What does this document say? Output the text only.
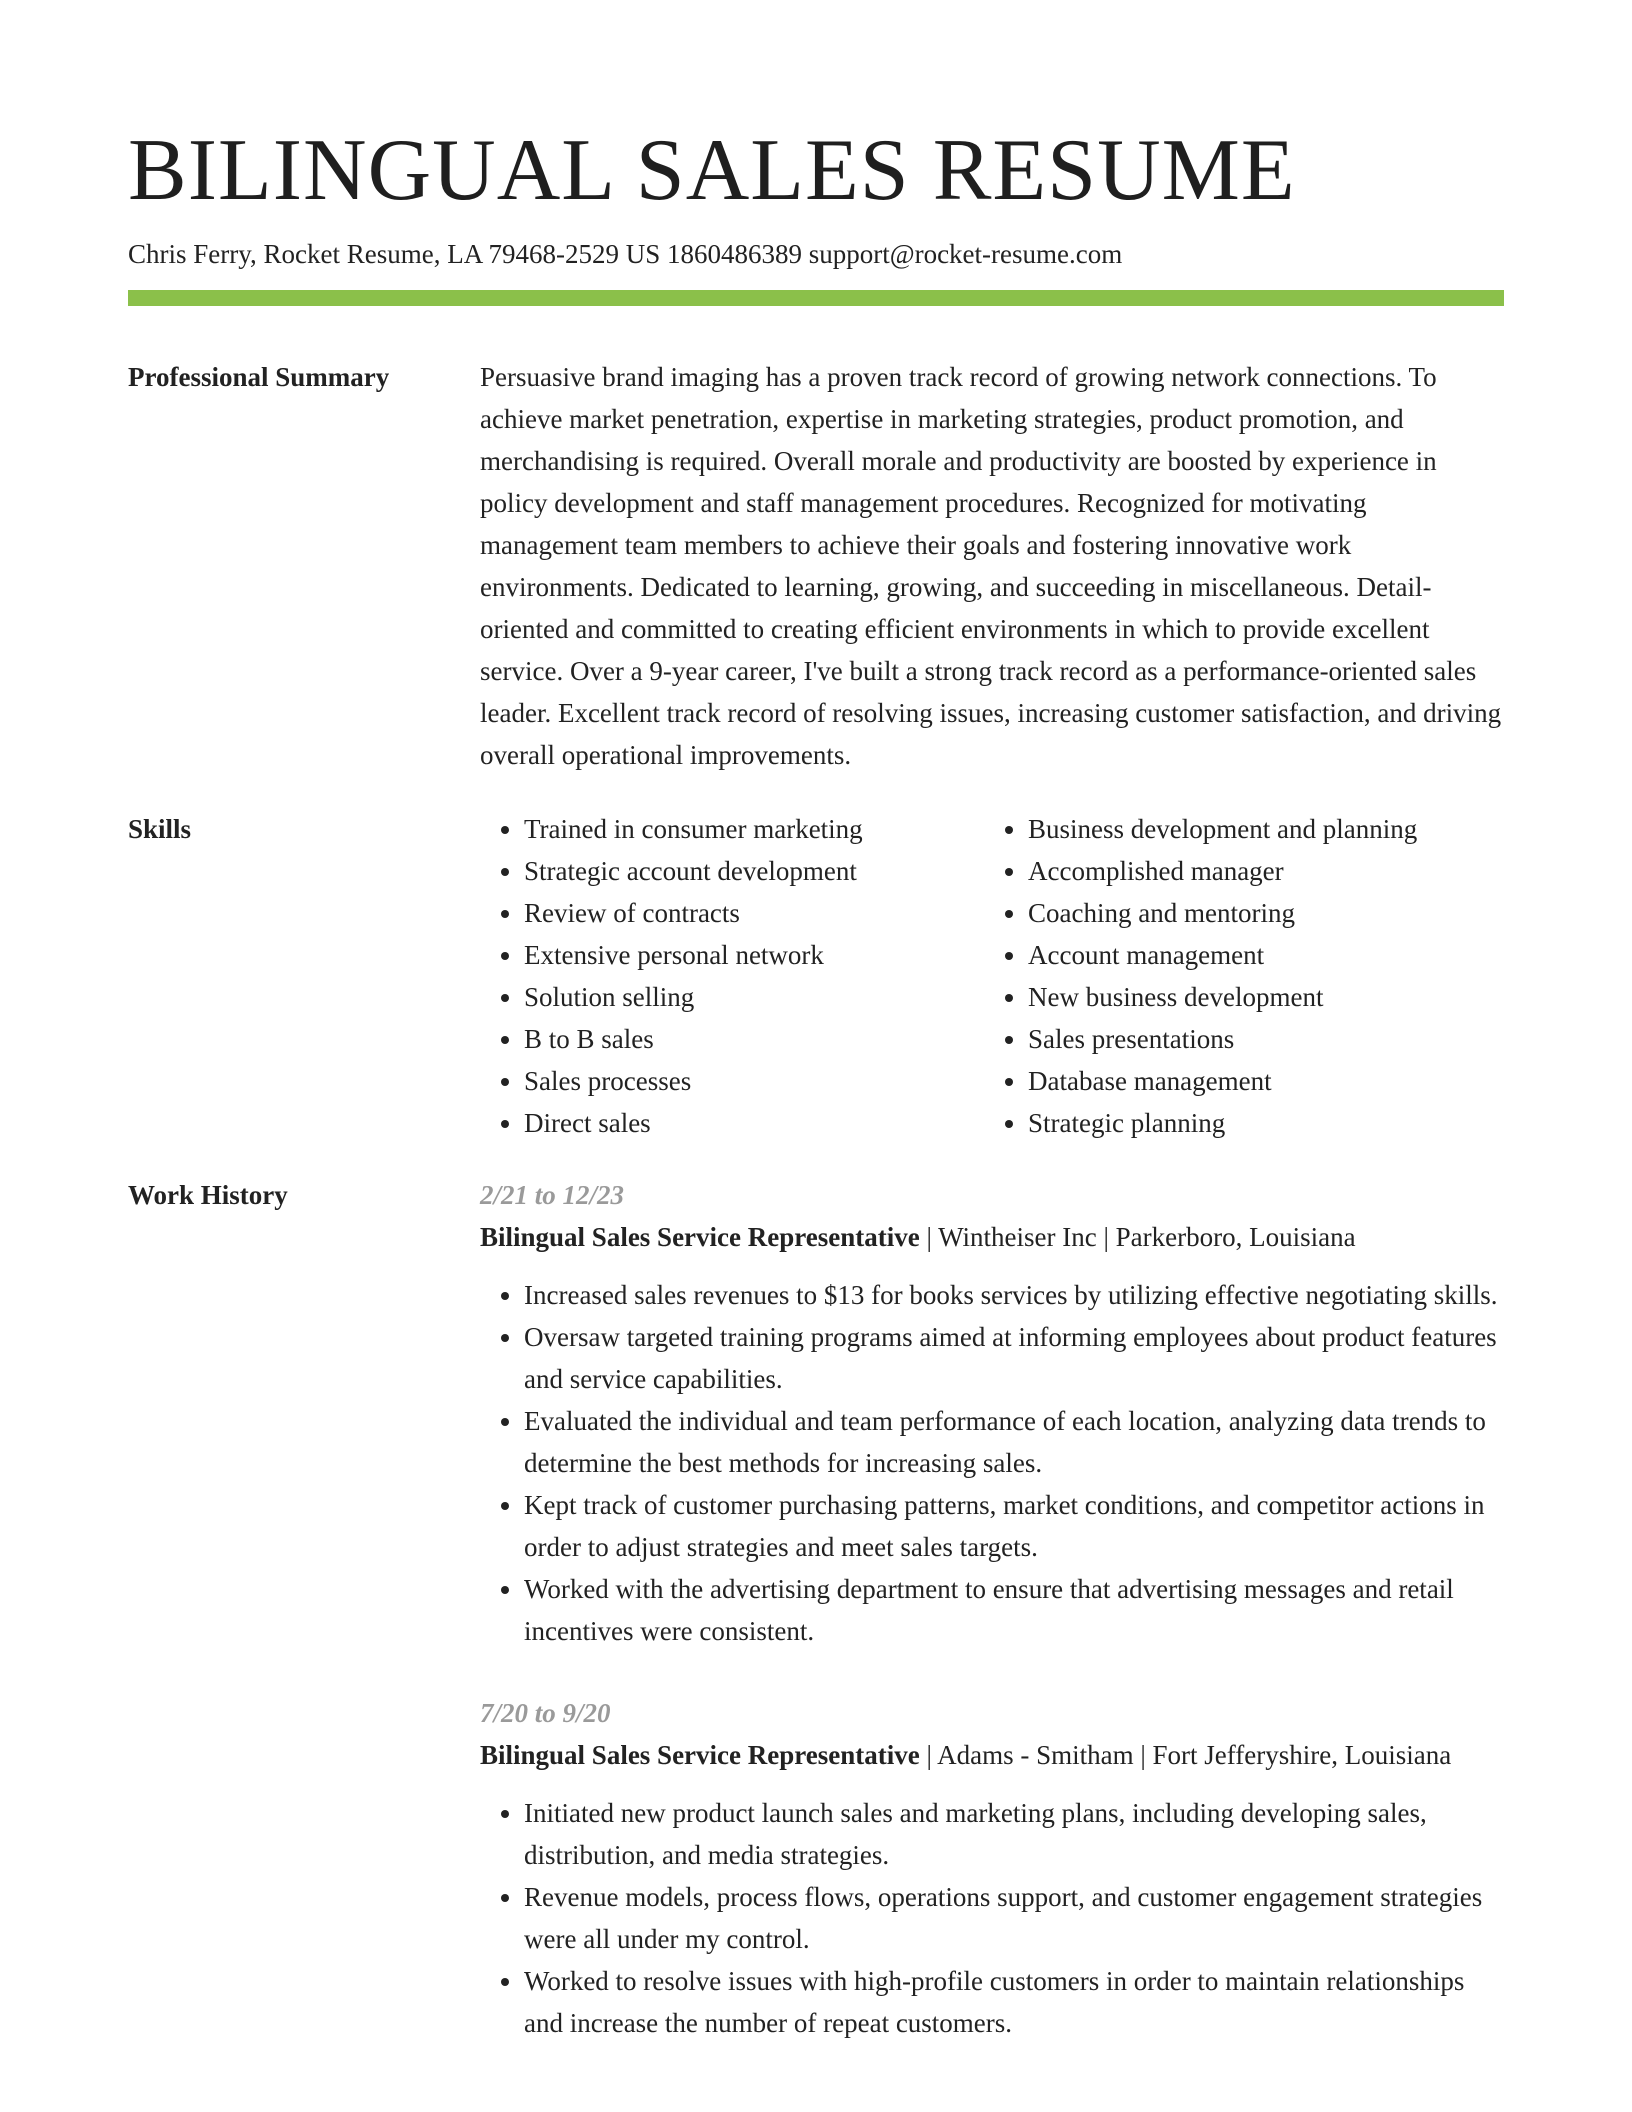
BILINGUAL SALES RESUME
Chris Ferry, Rocket Resume, LA 79468-2529 US 1860486389 support@rocket-resume.com
Professional Summary	Persuasive brand imaging has a proven track record of growing network connections. To achieve market penetration, expertise in marketing strategies, product promotion, and merchandising is required. Overall morale and productivity are boosted by experience in policy development and staff management procedures. Recognized for motivating management team members to achieve their goals and fostering innovative work environments. Dedicated to learning, growing, and succeeding in miscellaneous. Detail-oriented and committed to creating efficient environments in which to provide excellent service. Over a 9-year career, I've built a strong track record as a performance-oriented sales leader. Excellent track record of resolving issues, increasing customer satisfaction, and driving overall operational improvements.

Skills
•	Trained in consumer marketing
• Strategic account development
• Review of contracts
• Extensive personal network
• Solution selling
• B to B sales
• Sales processes
• Direct sales
• Business development and planning
• Accomplished manager
• Coaching and mentoring
• Account management
• New business development
• Sales presentations
• Database management
• Strategic planning
Work History	2/21 to 12/23
Bilingual Sales Service Representative | Wintheiser Inc | Parkerboro, Louisiana
• Increased sales revenues to $13 for books services by utilizing effective negotiating skills.
• Oversaw targeted training programs aimed at informing employees about product features and service capabilities.
• Evaluated the individual and team performance of each location, analyzing data trends to determine the best methods for increasing sales.
• Kept track of customer purchasing patterns, market conditions, and competitor actions in order to adjust strategies and meet sales targets.
• Worked with the advertising department to ensure that advertising messages and retail incentives were consistent.
7/20 to 9/20
Bilingual Sales Service Representative | Adams - Smitham | Fort Jefferyshire, Louisiana
• Initiated new product launch sales and marketing plans, including developing sales, distribution, and media strategies.
• Revenue models, process flows, operations support, and customer engagement strategies were all under my control.
• Worked to resolve issues with high-profile customers in order to maintain relationships and increase the number of repeat customers.
